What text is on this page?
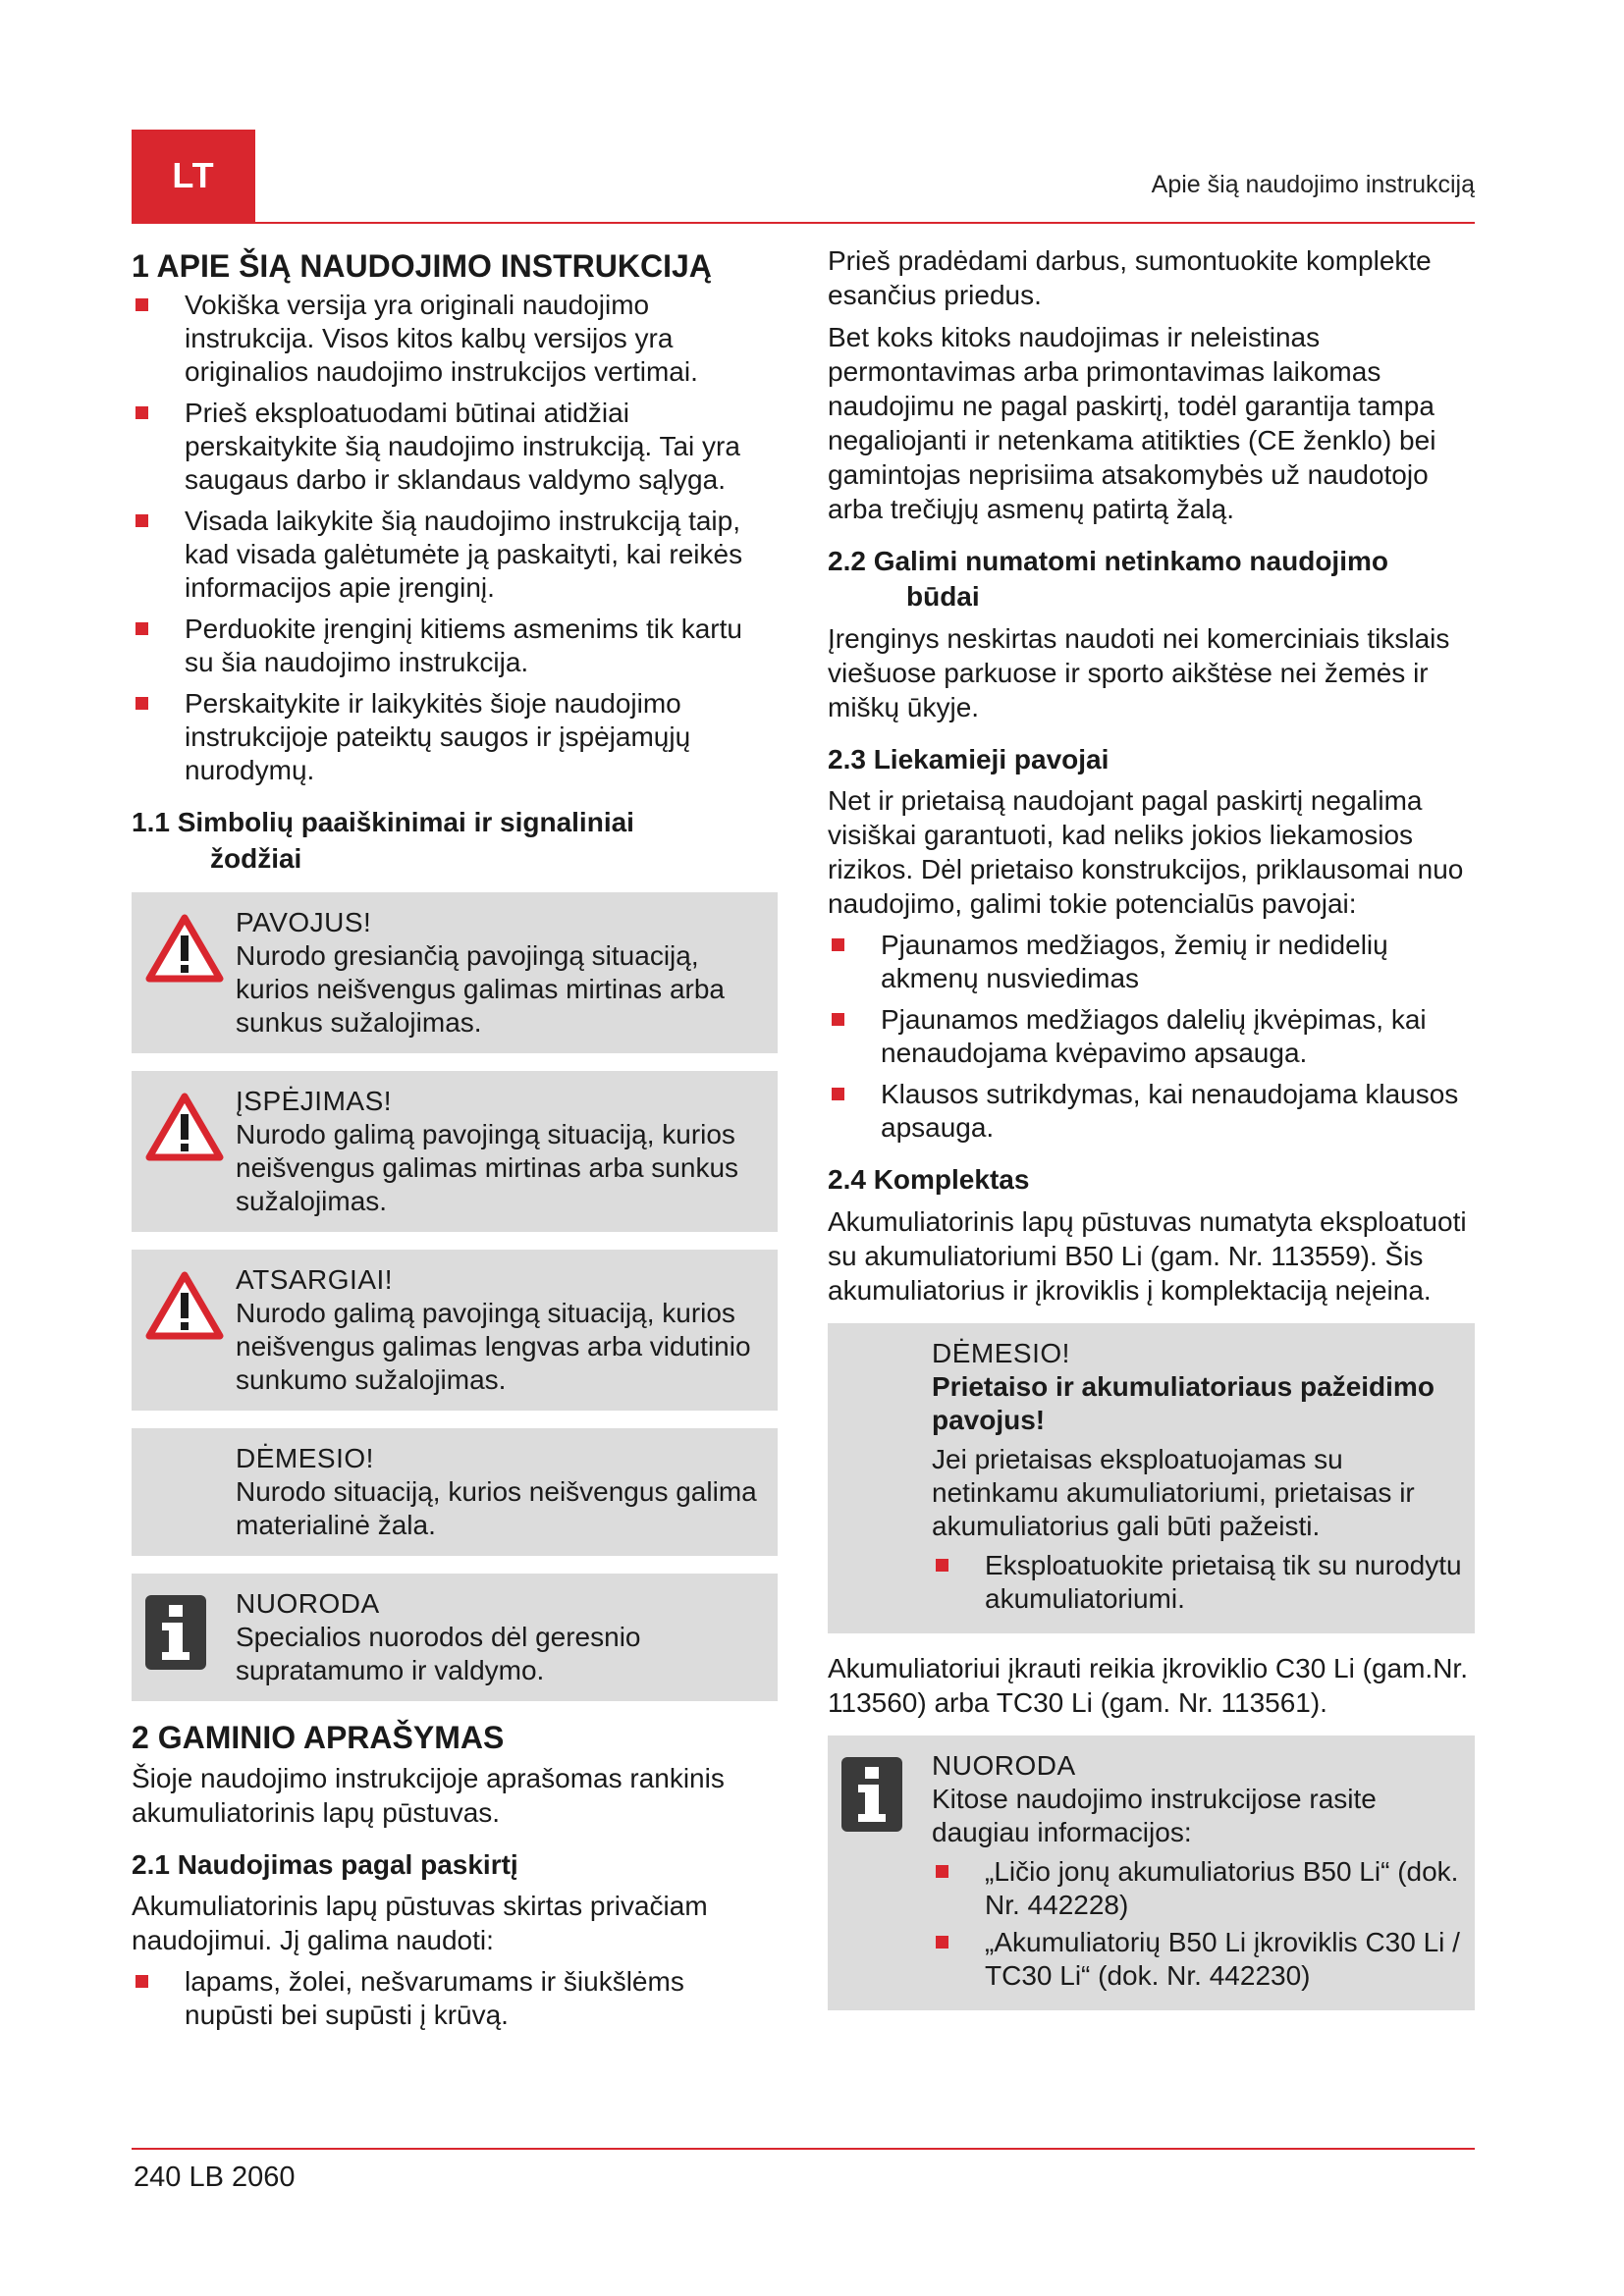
LT	Apie šią naudojimo instrukciją
1 APIE ŠIĄ NAUDOJIMO INSTRUKCIJĄ
Vokiška versija yra originali naudojimo instrukcija. Visos kitos kalbų versijos yra originalios naudojimo instrukcijos vertimai.
Prieš eksploatuodami būtinai atidžiai perskaitykite šią naudojimo instrukciją. Tai yra saugaus darbo ir sklandaus valdymo sąlyga.
Visada laikykite šią naudojimo instrukciją taip, kad visada galėtumėte ją paskaityti, kai reikės informacijos apie įrenginį.
Perduokite įrenginį kitiems asmenims tik kartu su šia naudojimo instrukcija.
Perskaitykite ir laikykitės šioje naudojimo instrukcijoje pateiktų saugos ir įspėjamųjų nurodymų.
1.1 Simbolių paaiškinimai ir signaliniai
žodžiai
PAVOJUS!
Nurodo gresiančią pavojingą situaciją, kurios neišvengus galimas mirtinas arba sunkus sužalojimas.
ĮSPĖJIMAS!
Nurodo galimą pavojingą situaciją, kurios neišvengus galimas mirtinas arba sunkus sužalojimas.
ATSARGIAI!
Nurodo galimą pavojingą situaciją, kurios neišvengus galimas lengvas arba vidutinio sunkumo sužalojimas.
DĖMESIO!
Nurodo situaciją, kurios neišvengus galima materialinė žala.
NUORODA
Specialios nuorodos dėl geresnio supratamumo ir valdymo.
2 GAMINIO APRAŠYMAS

Šioje naudojimo instrukcijoje aprašomas rankinis akumuliatorinis lapų pūstuvas.

2.1 Naudojimas pagal paskirtį

Akumuliatorinis lapų pūstuvas skirtas privačiam naudojimui. Jį galima naudoti:

lapams, žolei, nešvarumams ir šiukšlėms nupūsti bei supūsti į krūvą.

Prieš pradėdami darbus, sumontuokite komplekte esančius priedus.

Bet koks kitoks naudojimas ir neleistinas permontavimas arba primontavimas laikomas naudojimu ne pagal paskirtį, todėl garantija tampa negaliojanti ir netenkama atitikties (CE ženklo) bei gamintojas neprisiima atsakomybės už naudotojo arba trečiųjų asmenų patirtą žalą.

2.2 Galimi numatomi netinkamo naudojimo
būdai

Įrenginys neskirtas naudoti nei komerciniais tikslais viešuose parkuose ir sporto aikštėse nei žemės ir miškų ūkyje.

2.3 Liekamieji pavojai

Net ir prietaisą naudojant pagal paskirtį negalima visiškai garantuoti, kad neliks jokios liekamosios rizikos. Dėl prietaiso konstrukcijos, priklausomai nuo naudojimo, galimi tokie potencialūs pavojai:

Pjaunamos medžiagos, žemių ir nedidelių akmenų nusviedimas
Pjaunamos medžiagos dalelių įkvėpimas, kai nenaudojama kvėpavimo apsauga.
Klausos sutrikdymas, kai nenaudojama klausos apsauga.
2.4 Komplektas

Akumuliatorinis lapų pūstuvas numatyta eksploatuoti su akumuliatoriumi B50 Li (gam. Nr. 113559). Šis akumuliatorius ir įkroviklis į komplektaciją neįeina.

DĖMESIO!
Prietaiso ir akumuliatoriaus pažeidimo pavojus!
Jei prietaisas eksploatuojamas su netinkamu akumuliatoriumi, prietaisas ir akumuliatorius gali būti pažeisti.
Eksploatuokite prietaisą tik su nurodytu akumuliatoriumi.

Akumuliatoriui įkrauti reikia įkroviklio C30 Li (gam.Nr. 113560) arba TC30 Li (gam. Nr. 113561).

NUORODA
Kitose naudojimo instrukcijose rasite daugiau informacijos:
„Ličio jonų akumuliatorius B50 Li“ (dok. Nr. 442228)
„Akumuliatorių B50 Li įkroviklis C30 Li / TC30 Li“ (dok. Nr. 442230)
240 LB 2060
